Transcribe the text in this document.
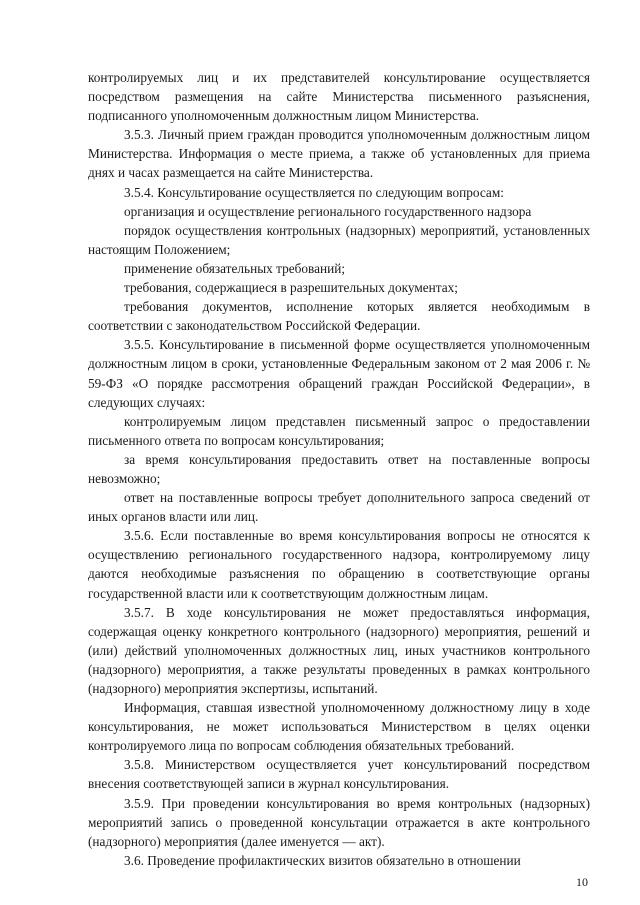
контролируемых лиц и их представителей консультирование осуществляется посредством размещения на сайте Министерства письменного разъяснения, подписанного уполномоченным должностным лицом Министерства.

3.5.3. Личный прием граждан проводится уполномоченным должностным лицом Министерства. Информация о месте приема, а также об установленных для приема днях и часах размещается на сайте Министерства.

3.5.4. Консультирование осуществляется по следующим вопросам:

организация и осуществление регионального государственного надзора

порядок осуществления контрольных (надзорных) мероприятий, установленных настоящим Положением;

применение обязательных требований;

требования, содержащиеся в разрешительных документах;

требования документов, исполнение которых является необходимым в соответствии с законодательством Российской Федерации.

3.5.5. Консультирование в письменной форме осуществляется уполномоченным должностным лицом в сроки, установленные Федеральным законом от 2 мая 2006 г. № 59-ФЗ «О порядке рассмотрения обращений граждан Российской Федерации», в следующих случаях:

контролируемым лицом представлен письменный запрос о предоставлении письменного ответа по вопросам консультирования;

за время консультирования предоставить ответ на поставленные вопросы невозможно;

ответ на поставленные вопросы требует дополнительного запроса сведений от иных органов власти или лиц.

3.5.6. Если поставленные во время консультирования вопросы не относятся к осуществлению регионального государственного надзора, контролируемому лицу даются необходимые разъяснения по обращению в соответствующие органы государственной власти или к соответствующим должностным лицам.

3.5.7. В ходе консультирования не может предоставляться информация, содержащая оценку конкретного контрольного (надзорного) мероприятия, решений и (или) действий уполномоченных должностных лиц, иных участников контрольного (надзорного) мероприятия, а также результаты проведенных в рамках контрольного (надзорного) мероприятия экспертизы, испытаний.

Информация, ставшая известной уполномоченному должностному лицу в ходе консультирования, не может использоваться Министерством в целях оценки контролируемого лица по вопросам соблюдения обязательных требований.

3.5.8. Министерством осуществляется учет консультирований посредством внесения соответствующей записи в журнал консультирования.

3.5.9. При проведении консультирования во время контрольных (надзорных) мероприятий запись о проведенной консультации отражается в акте контрольного (надзорного) мероприятия (далее именуется — акт).

3.6. Проведение профилактических визитов обязательно в отношении

10
